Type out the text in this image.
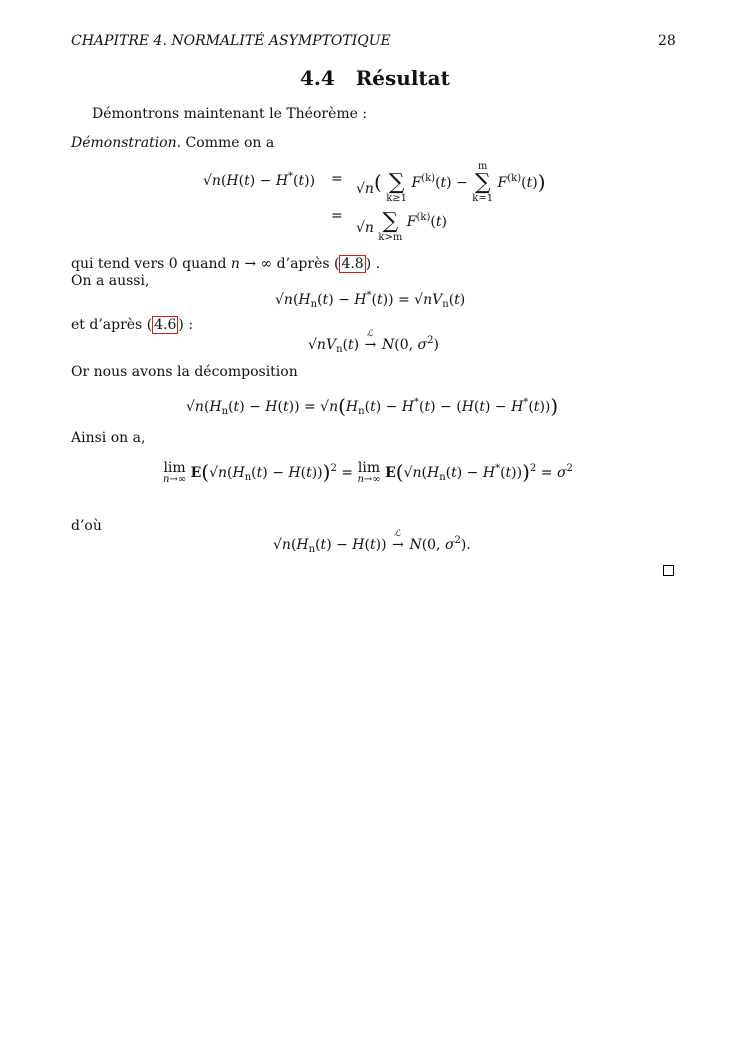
CHAPITRE 4. NORMALITÉ ASYMPTOTIQUE	28
4.4 Résultat
Démontrons maintenant le Théorème :
Démonstration. Comme on a
√n(H(t) − H*(t)) =
√n(
∑
k≥1
$F^{(k)}(t)$ −
m
∑
k=1
$F^{(k)}(t)$)
=
√n
∑
k>m
$F^{(k)}(t)$
qui tend vers 0 quand n → ∞ d’après ( 4.8 ) .
On a aussi,
$√n(H_n(t) - H^*(t)) = √nV_n(t)$
et d’après ( 4.6 ) :
$√nV_n(t)$
ℒ
→ N(0, $\sigma^2$)
Or nous avons la décomposition
$√n(H_n(t) - H(t)) = √n(H_n(t) - H^*(t) - (H(t) - H^*(t)))$
Ainsi on a,
lim
n→∞ $E(√n(H_n(t) - H(t)))^2 = \lim$
n→∞ $E(√n(H_n(t) - H^*(t)))^2 = \sigma^2$
d’où
$√n(H_n(t) - H(t))$
ℒ
→ N(0, $\sigma^2$).
